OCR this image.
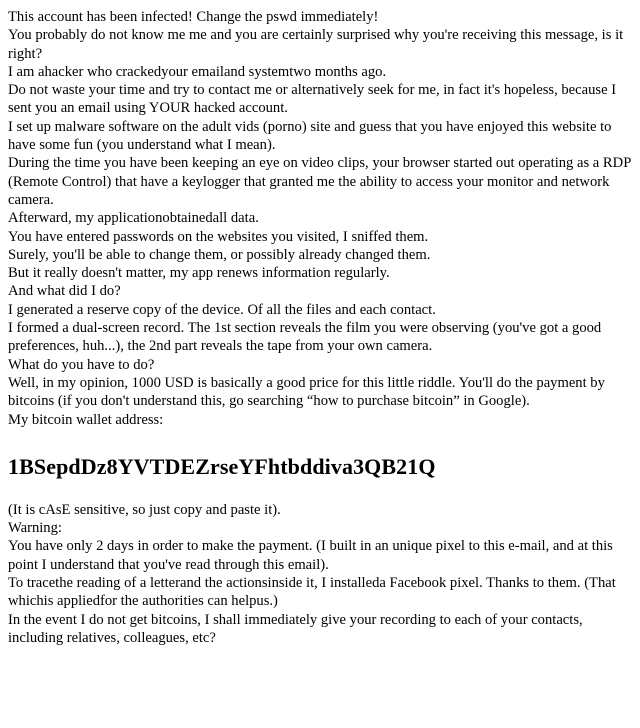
This account has been infected! Change the pswd immediately!

You probably do not know me me and you are certainly surprised why you're receiving this message, is it right?

I am ahacker who crackedyour emailand systemtwo months ago.

Do not waste your time and try to contact me or alternatively seek for me, in fact it's hopeless, because I sent you an email using YOUR hacked account.

I set up malware software on the adult vids (porno) site and guess that you have enjoyed this website to have some fun (you understand what I mean).

During the time you have been keeping an eye on video clips, your browser started out operating as a RDP (Remote Control) that have a keylogger that granted me the ability to access your monitor and network camera.

Afterward, my applicationobtainedall data.

You have entered passwords on the websites you visited, I sniffed them.

Surely, you'll be able to change them, or possibly already changed them.

But it really doesn't matter, my app renews information regularly.

And what did I do?

I generated a reserve copy of the device. Of all the files and each contact.

I formed a dual-screen record. The 1st section reveals the film you were observing (you've got a good preferences, huh...), the 2nd part reveals the tape from your own camera.

What do you have to do?

Well, in my opinion, 1000 USD is basically a good price for this little riddle. You'll do the payment by bitcoins (if you don't understand this, go searching “how to purchase bitcoin” in Google).

My bitcoin wallet address:

1BSepdDz8YVTDEZrseYFhtbddiva3QB21Q

(It is cAsE sensitive, so just copy and paste it).

Warning:

You have only 2 days in order to make the payment. (I built in an unique pixel to this e-mail, and at this point I understand that you've read through this email).

To tracethe reading of a letterand the actionsinside it, I installeda Facebook pixel. Thanks to them. (That whichis appliedfor the authorities can helpus.)

In the event I do not get bitcoins, I shall immediately give your recording to each of your contacts, including relatives, colleagues, etc?
